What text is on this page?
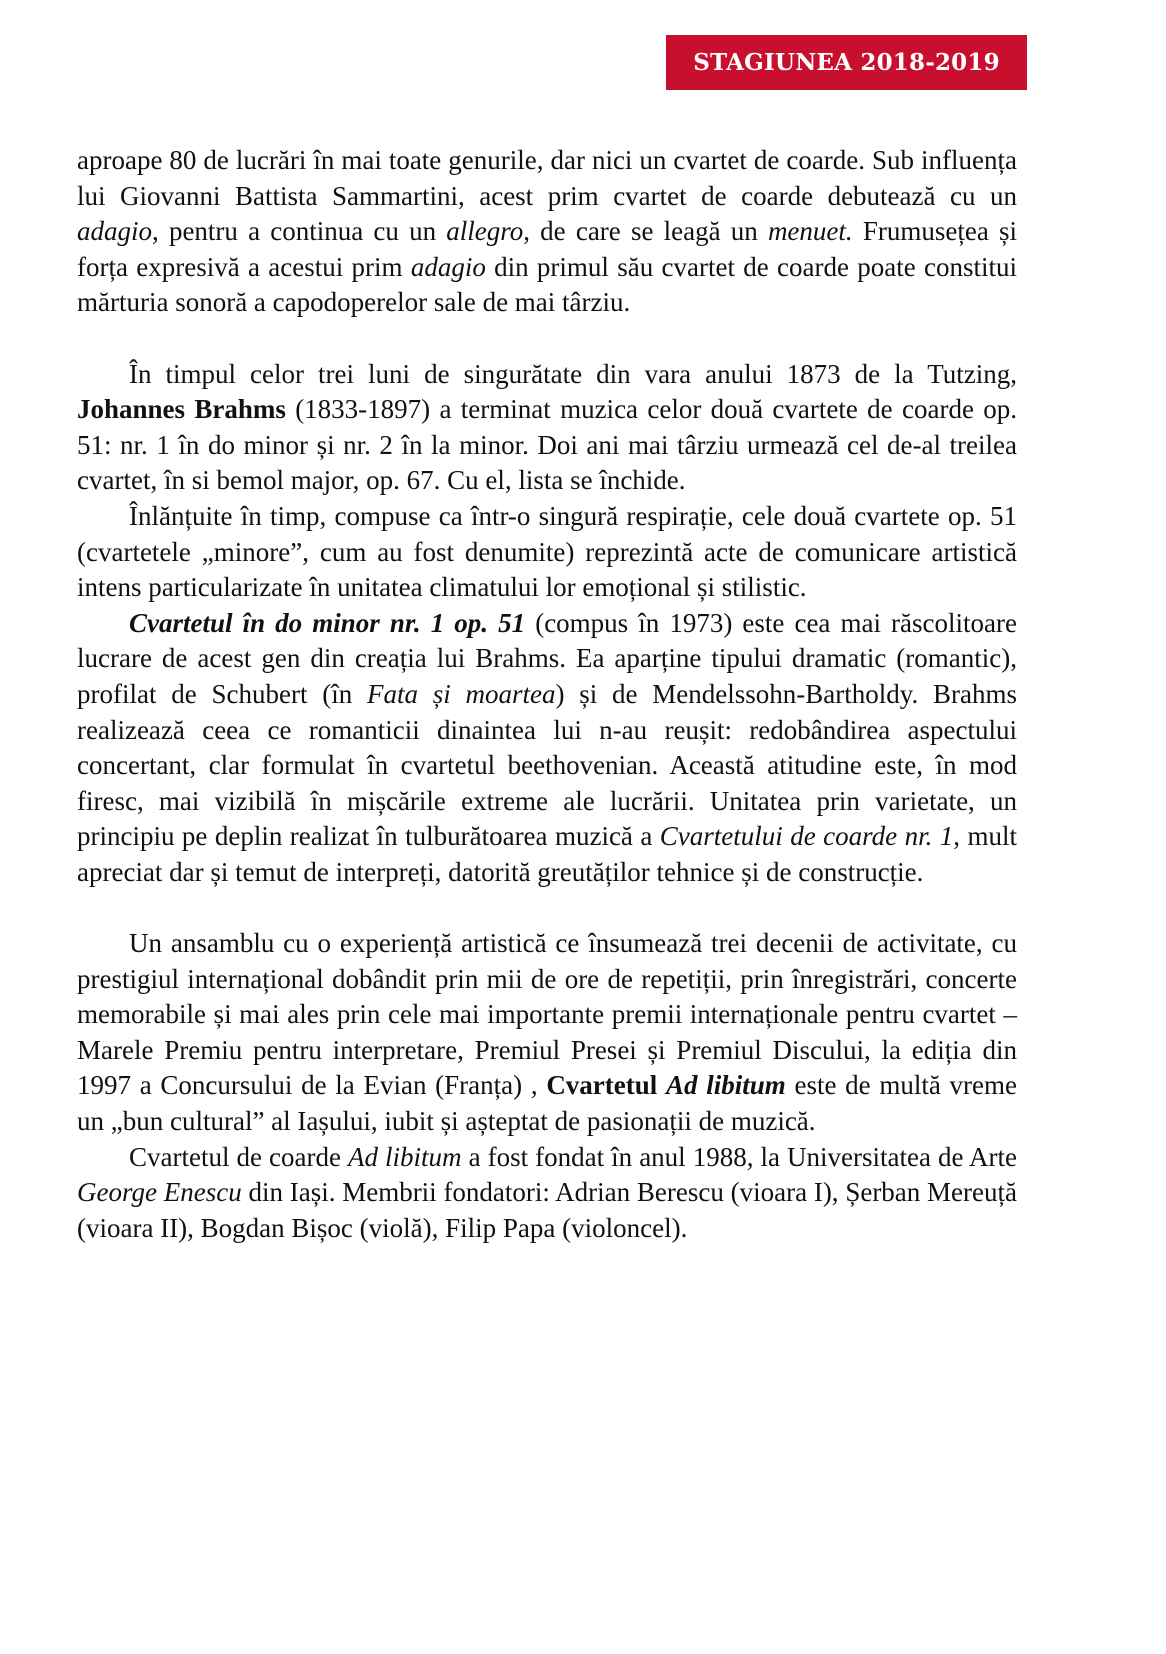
STAGIUNEA 2018-2019

aproape 80 de lucrări în mai toate genurile, dar nici un cvartet de coarde. Sub influența lui Giovanni Battista Sammartini, acest prim cvartet de coarde debutează cu un adagio, pentru a continua cu un allegro, de care se leagă un menuet. Frumusețea și forța expresivă a acestui prim adagio din primul său cvartet de coarde poate constitui mărturia sonoră a capodoperelor sale de mai târziu.

În timpul celor trei luni de singurătate din vara anului 1873 de la Tutzing, Johannes Brahms (1833-1897) a terminat muzica celor două cvartete de coarde op. 51: nr. 1 în do minor și nr. 2 în la minor. Doi ani mai târziu urmează cel de-al treilea cvartet, în si bemol major, op. 67. Cu el, lista se închide.

Înlănțuite în timp, compuse ca într-o singură respirație, cele două cvartete op. 51 (cvartetele „minore”, cum au fost denumite) reprezintă acte de comunicare artistică intens particularizate în unitatea climatului lor emoțional și stilistic.

Cvartetul în do minor nr. 1 op. 51 (compus în 1973) este cea mai răscolitoare lucrare de acest gen din creația lui Brahms. Ea aparține tipului dramatic (romantic), profilat de Schubert (în Fata și moartea) și de Mendelssohn-Bartholdy. Brahms realizează ceea ce romanticii dinaintea lui n-au reușit: redobândirea aspectului concertant, clar formulat în cvartetul beethovenian. Această atitudine este, în mod firesc, mai vizibilă în mișcările extreme ale lucrării. Unitatea prin varietate, un principiu pe deplin realizat în tulburătoarea muzică a Cvartetului de coarde nr. 1, mult apreciat dar și temut de interpreți, datorită greutăților tehnice și de construcție.

Un ansamblu cu o experiență artistică ce însumează trei decenii de activitate, cu prestigiul internațional dobândit prin mii de ore de repetiții, prin înregistrări, concerte memorabile și mai ales prin cele mai importante premii internaționale pentru cvartet – Marele Premiu pentru interpretare, Premiul Presei și Premiul Discului, la ediția din 1997 a Concursului de la Evian (Franța) , Cvartetul Ad libitum este de multă vreme un „bun cultural” al Iașului, iubit și așteptat de pasionații de muzică.

Cvartetul de coarde Ad libitum a fost fondat în anul 1988, la Universitatea de Arte George Enescu din Iași. Membrii fondatori: Adrian Berescu (vioara I), Șerban Mereuță (vioara II), Bogdan Bișoc (violă), Filip Papa (violoncel).
